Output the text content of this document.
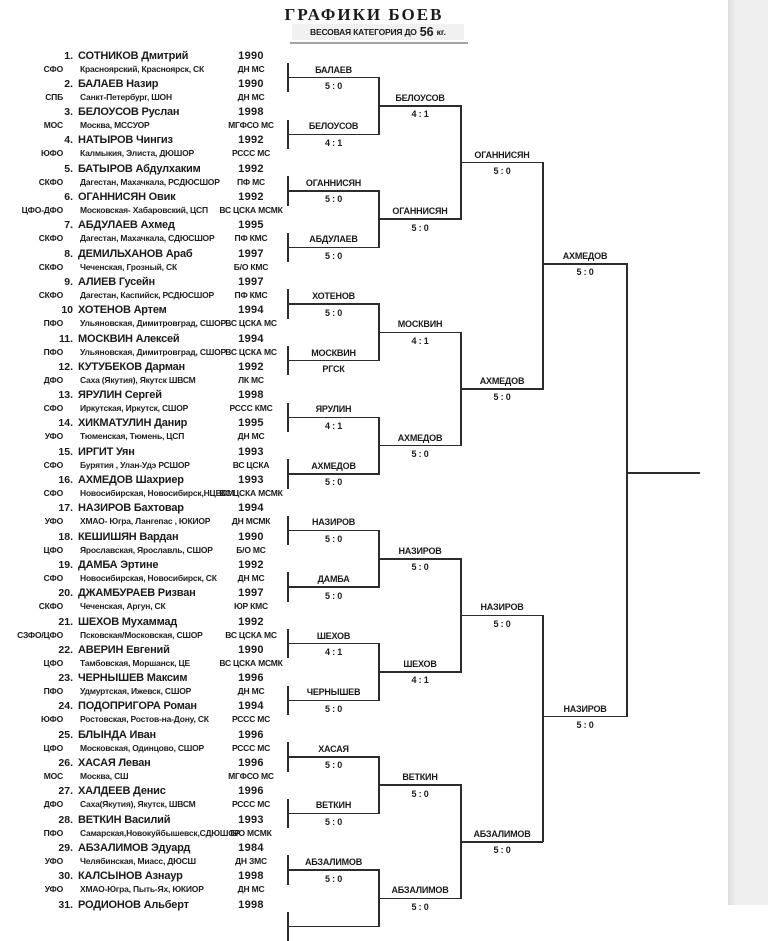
ГРАФИКИ БОЕВ
ВЕСОВАЯ КАТЕГОРИЯ ДО 56 кг.
1. СОТНИКОВ Дмитрий	1990
СФО Красноярский, Красноярск, СК	ДН МС
2. БАЛАЕВ Назир	1990
СПБ Санкт-Петербург, ШОН	ДН МС
3. БЕЛОУСОВ Руслан	1998
МОС Москва, МССУОР	МГФСО МС
4. НАТЫРОВ Чингиз	1992
ЮФО Калмыкия, Элиста, ДЮШОР	РССС МС
5. БАТЫРОВ Абдулхаким	1992
СКФО Дагестан, Махачкала, РСДЮСШОР	ПФ МС
6. ОГАННИСЯН Овик	1992
ЦФО-ДФО Московская- Хабаровский, ЦСП	ВС ЦСКА МСМК
7. АБДУЛАЕВ Ахмед	1995
СКФО Дагестан, Махачкала, СДЮСШОР	ПФ КМС
8. ДЕМИЛЬХАНОВ Араб	1997
СКФО Чеченская, Грозный, СК	Б/О КМС
9. АЛИЕВ Гусейн	1997
СКФО Дагестан, Каспийск, РСДЮСШОР	ПФ КМС
10 ХОТЕНОВ Артем	1994
ПФО Ульяновская, Димитровград, СШОР ВС ЦСКА МС
11. МОСКВИН Алексей	1994
ПФО Ульяновская, Димитровград, СШОР ВС ЦСКА МС
12. КУТУБЕКОВ Дарман	1992
ДФО Саха (Якутия), Якутск ШВСМ	ЛК МС
13. ЯРУЛИН Сергей	1998
СФО Иркутская, Иркутск, СШОР	РССС КМС
14. ХИКМАТУЛИН Данир	1995
УФО Тюменская, Тюмень, ЦСП	ДН МС
15. ИРГИТ Уян	1993
СФО Бурятия , Улан-Удэ РСШОР	ВС ЦСКА
16. АХМЕДОВ Шахриер	1993
СФО Новосибирская, Новосибирск,НЦВСМ
ВС ЦСКА МСМК
17. НАЗИРОВ Бахтовар	1994
УФО ХМАО- Югра, Лангепас , ЮКИОР	ДН МСМК
18. КЕШИШЯН Вардан	1990
ЦФО Ярославская, Ярославль, СШОР	Б/О МС
19. ДАМБА Эртине	1992
СФО Новосибирская, Новосибирск, СК	ДН МС
20. ДЖАМБУРАЕВ Ризван	1997
СКФО Чеченская, Аргун, СК	ЮР КМС
21. ШЕХОВ Мухаммад	1992
СЗФО/ЦФО Псковская/Московская, СШОР	ВС ЦСКА МС
22. АВЕРИН Евгений	1990
ЦФО Тамбовская, Моршанск, ЦЕ	ВС ЦСКА МСМК
23. ЧЕРНЫШЕВ Максим	1996
ПФО Удмуртская, Ижевск, СШОР	ДН МС
24. ПОДОПРИГОРА Роман	1994
ЮФО Ростовская, Ростов-на-Дону, СК	РССС МС
25. БЛЫНДА Иван	1996
ЦФО Московская, Одинцово, СШОР	РССС МС
26. ХАСАЯ Леван	1996
МОС Москва, СШ	МГФСО МС
27. ХАЛДЕЕВ Денис	1996
ДФО Саха(Якутия), Якутск, ШВСМ	РССС МС
28. ВЕТКИН Василий	1993
ПФО Самарская,Новокуйбышевск,СДЮШОР
Б/О МСМК
29. АБЗАЛИМОВ Эдуард	1984
УФО Челябинская, Миасс, ДЮСШ	ДН ЗМС
30. КАЛСЫНОВ Азнаур	1998
УФО ХМАО-Югра, Пыть-Ях, ЮКИОР	ДН МС
31. РОДИОНОВ Альберт	1998
БАЛАЕВ
5 : 0
БЕЛОУСОВ
4 : 1
ОГАННИСЯН
5 : 0
АБДУЛАЕВ
5 : 0
ХОТЕНОВ
5 : 0
МОСКВИН
РГСК
ЯРУЛИН
4 : 1
АХМЕДОВ
5 : 0
НАЗИРОВ
5 : 0
ДАМБА
5 : 0
ШЕХОВ
4 : 1
ЧЕРНЫШЕВ
5 : 0
ХАСАЯ
5 : 0
ВЕТКИН
5 : 0
АБЗАЛИМОВ
5 : 0
БЕЛОУСОВ
4 : 1
ОГАННИСЯН
5 : 0
МОСКВИН
4 : 1
АХМЕДОВ
5 : 0
НАЗИРОВ
5 : 0
ШЕХОВ
4 : 1
ВЕТКИН
5 : 0
АБЗАЛИМОВ
5 : 0
ОГАННИСЯН
5 : 0
АХМЕДОВ
5 : 0
НАЗИРОВ
5 : 0
АБЗАЛИМОВ
5 : 0
АХМЕДОВ
5 : 0
НАЗИРОВ
5 : 0
